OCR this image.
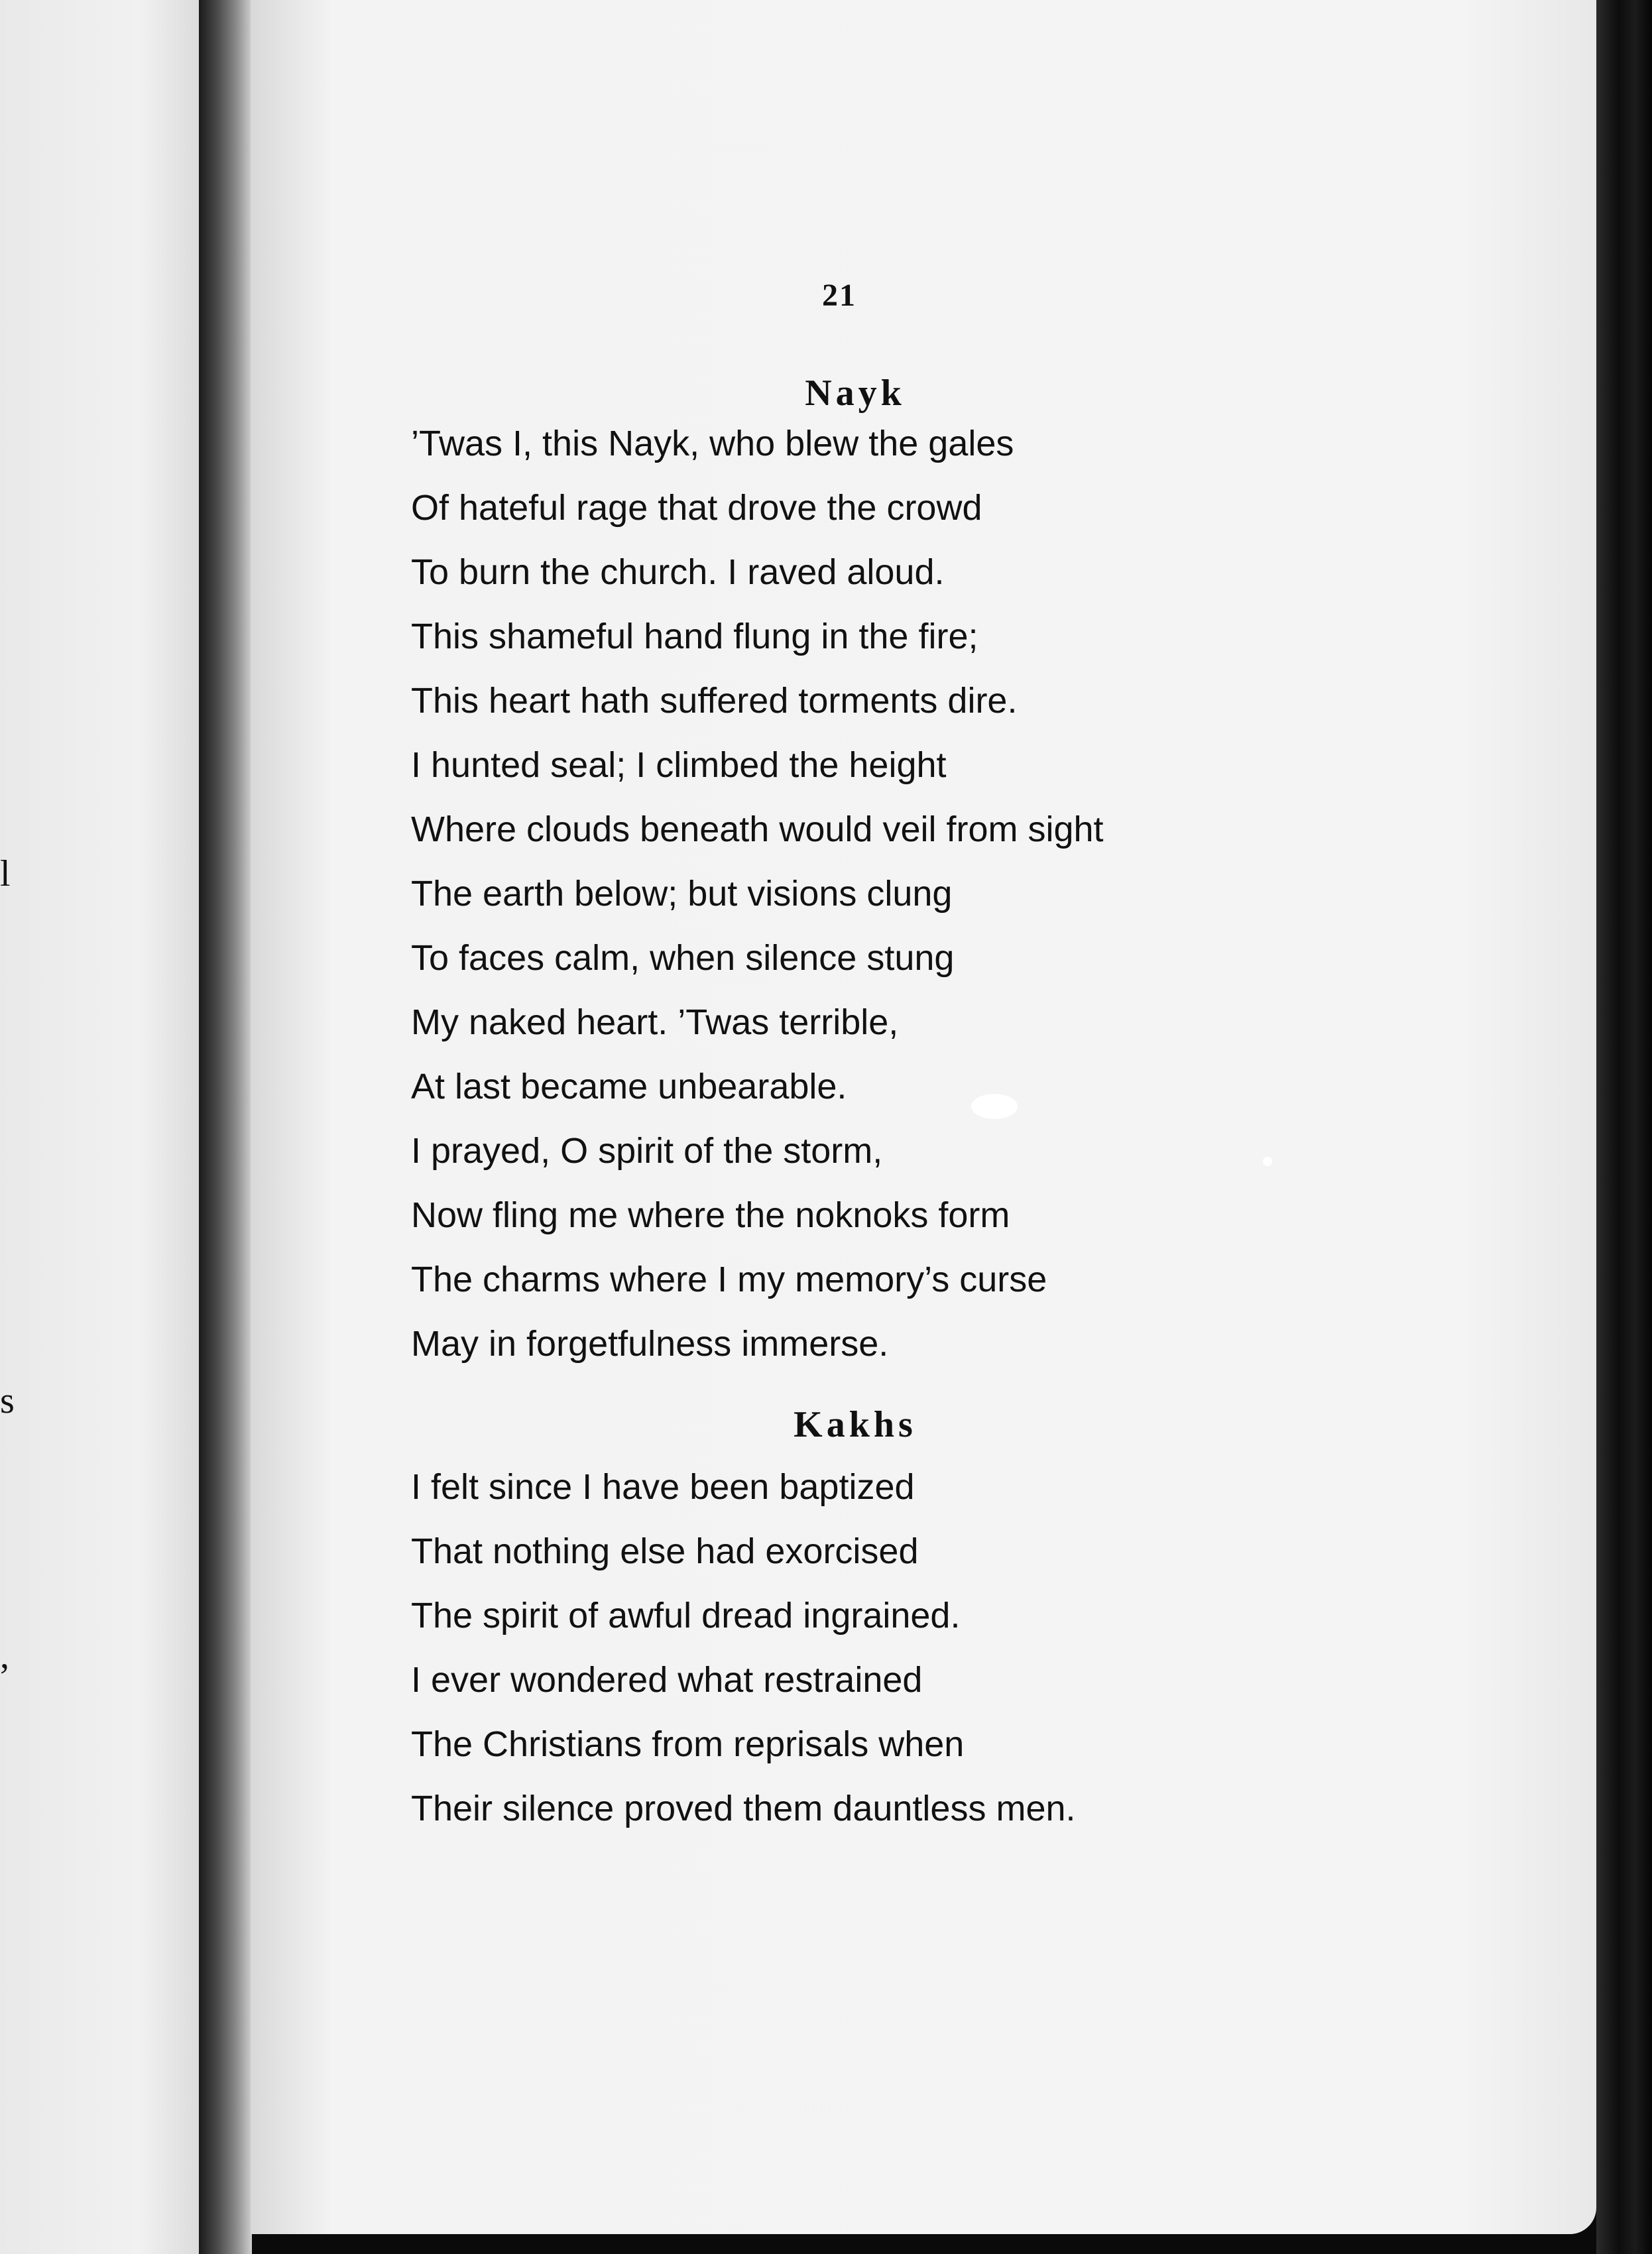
l
s
,
21
Nayk
’Twas I, this Nayk, who blew the gales
Of hateful rage that drove the crowd
To burn the church. I raved aloud.
This shameful hand flung in the fire;
This heart hath suffered torments dire.
I hunted seal; I climbed the height
Where clouds beneath would veil from sight
The earth below; but visions clung
To faces calm, when silence stung
My naked heart. ’Twas terrible,
At last became unbearable.
I prayed, O spirit of the storm,
Now fling me where the noknoks form
The charms where I my memory’s curse
May in forgetfulness immerse.
Kakhs
I felt since I have been baptized
That nothing else had exorcised
The spirit of awful dread ingrained.
I ever wondered what restrained
The Christians from reprisals when
Their silence proved them dauntless men.
